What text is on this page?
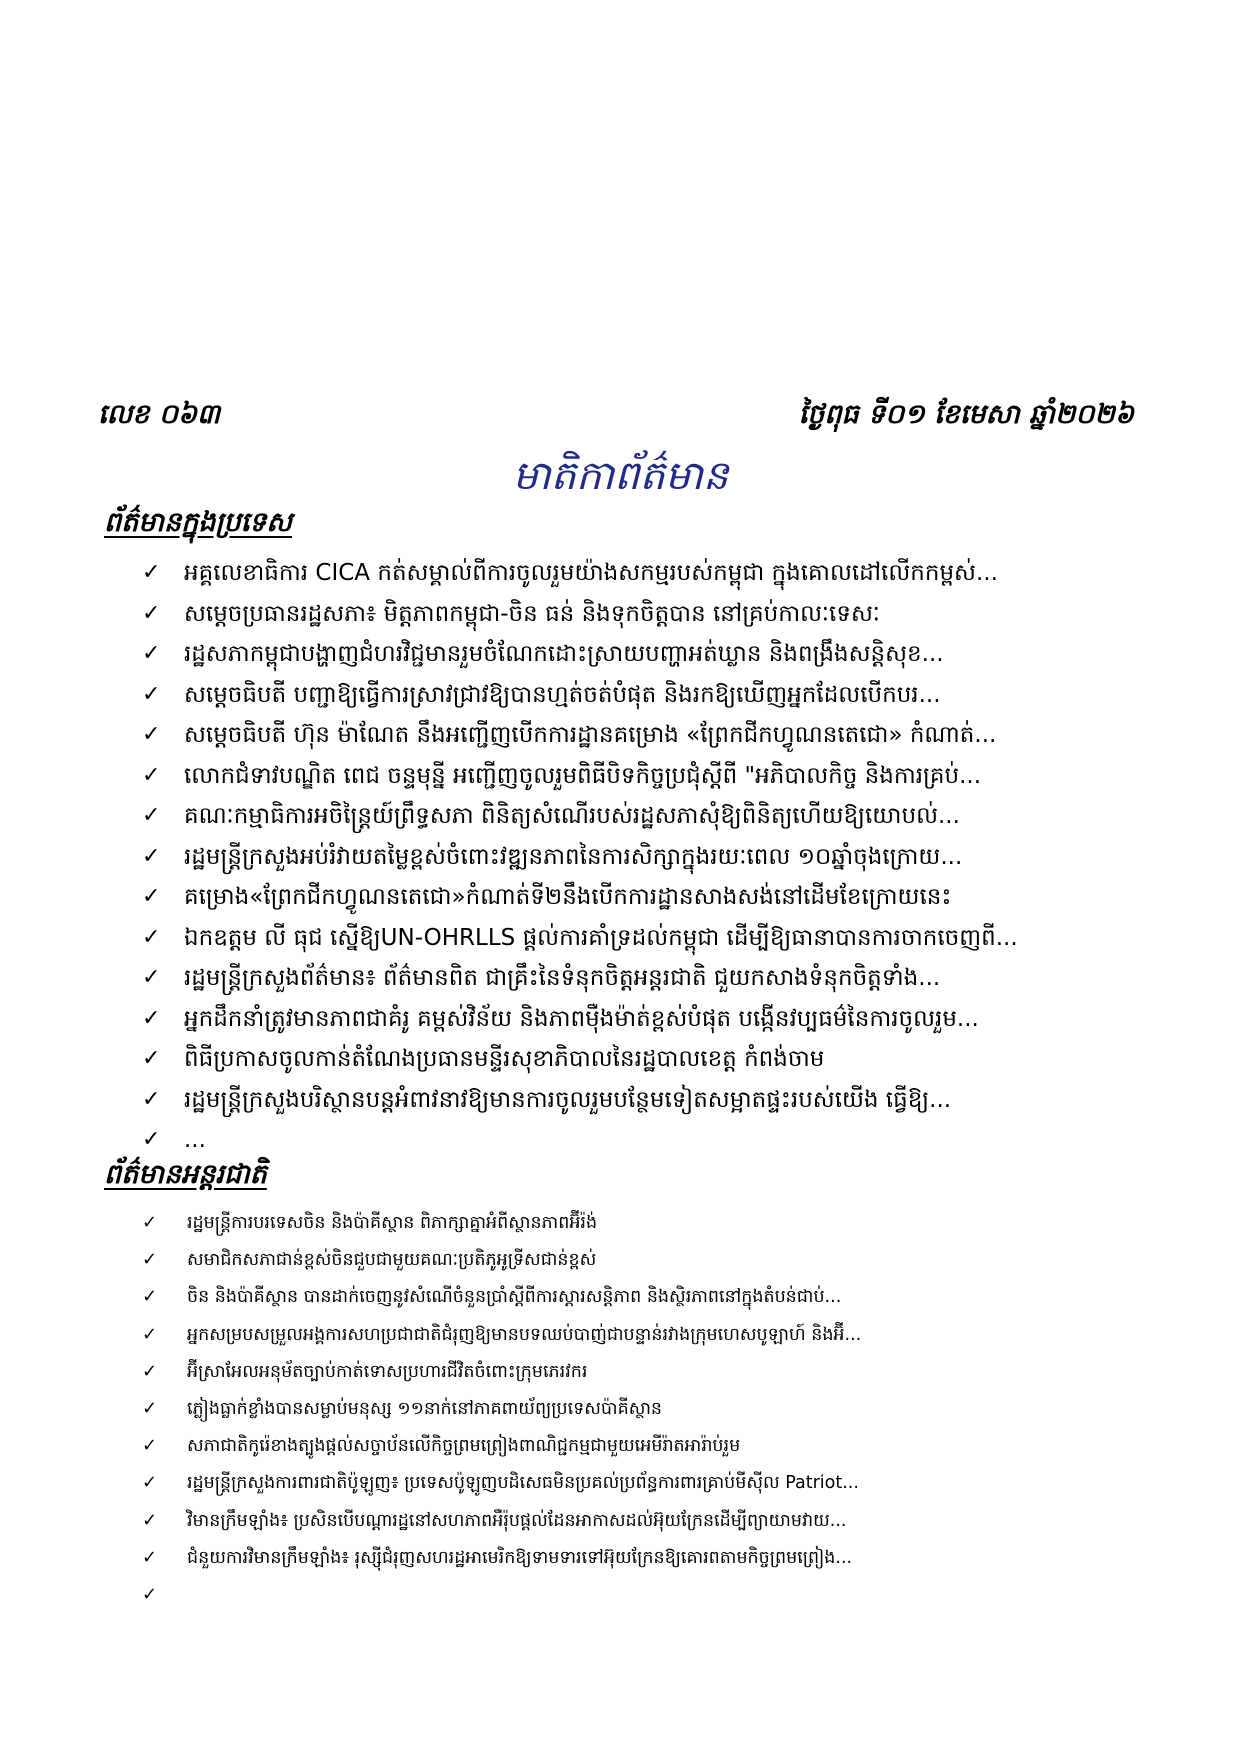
លេខ ០៦៣	ថ្ងៃពុធ ទី០១ ខែមេសា ឆ្នាំ២០២៦
មាតិកាព័ត៌មាន
ព័ត៌មានក្នុងប្រទេស
✓ អគ្គលេខាធិការ CICA កត់សម្គាល់ពីការចូលរួមយ៉ាងសកម្មរបស់កម្ពុជា ក្នុងគោលដៅលើកកម្ពស់...
✓ សម្ដេចប្រធានរដ្ឋសភា៖ មិត្តភាពកម្ពុជា-ចិន ធន់ និងទុកចិត្តបាន នៅគ្រប់កាលៈទេសៈ
✓ រដ្ឋសភាកម្ពុជាបង្ហាញជំហរវិជ្ជមានរួមចំណែកដោះស្រាយបញ្ហាអត់ឃ្លាន និងពង្រឹងសន្តិសុខ...
✓ សម្ដេចធិបតី បញ្ជាឱ្យធ្វើការស្រាវជ្រាវឱ្យបានហ្មត់ចត់បំផុត និងរកឱ្យឃើញអ្នកដែលបើកបរ...
✓ សម្ដេចធិបតី ហ៊ុន ម៉ាណែត នឹងអញ្ជើញបើកការដ្ឋានគម្រោង «ព្រែកជីកហ្វូណនតេជោ» កំណាត់...
✓ លោកជំទាវបណ្ឌិត ពេជ ចន្ទមុន្នី អញ្ជើញចូលរួមពិធីបិទកិច្ចប្រជុំស្តីពី "អភិបាលកិច្ច និងការគ្រប់...
✓ គណៈកម្មាធិការអចិន្ត្រៃយ៍ព្រឹទ្ធសភា ពិនិត្យសំណើរបស់រដ្ឋសភាសុំឱ្យពិនិត្យហើយឱ្យយោបល់...
✓ រដ្ឋមន្ត្រីក្រសួងអប់រំវាយតម្លៃខ្ពស់ចំពោះវឌ្ឍនភាពនៃការសិក្សាក្នុងរយៈពេល ១០ឆ្នាំចុងក្រោយ...
✓ គម្រោង«ព្រែកជីកហ្វូណនតេជោ»កំណាត់ទី២នឹងបើកការដ្ឋានសាងសង់នៅដើមខែក្រោយនេះ
✓ ឯកឧត្តម លី ធុជ ស្នើឱ្យUN-OHRLLS ផ្តល់ការគាំទ្រដល់កម្ពុជា ដើម្បីឱ្យធានាបានការចាកចេញពី...
✓ រដ្ឋមន្ត្រីក្រសួងព័ត៌មាន៖ ព័ត៌មានពិត ជាគ្រឹះនៃទំនុកចិត្តអន្តរជាតិ ជួយកសាងទំនុកចិត្តទាំង...
✓ អ្នកដឹកនាំត្រូវមានភាពជាគំរូ គម្ពស់វិន័យ និងភាពម៉ឺងម៉ាត់ខ្ពស់បំផុត បង្កើនវប្បធម៌នៃការចូលរួម...
✓ ពិធីប្រកាសចូលកាន់តំណែងប្រធានមន្ទីរសុខាភិបាលនៃរដ្ឋបាលខេត្ត កំពង់ចាម
✓ រដ្ឋមន្ត្រីក្រសួងបរិស្ថានបន្តអំពាវនាវឱ្យមានការចូលរួមបន្ថែមទៀតសម្អាតផ្ទះរបស់យើង ធ្វើឱ្យ...
✓ ...
ព័ត៌មានអន្តរជាតិ
✓ រដ្ឋមន្ត្រីការបរទេសចិន និងប៉ាគីស្ថាន ពិភាក្សាគ្នាអំពីស្ថានភាពអ៊ីរ៉ង់
✓ សមាជិកសភាជាន់ខ្ពស់ចិនជួបជាមួយគណៈប្រតិភូអូទ្រីសជាន់ខ្ពស់
✓ ចិន និងប៉ាគីស្ថាន បានដាក់ចេញនូវសំណើចំនួនប្រាំស្តីពីការស្តារសន្តិភាព និងស្ថិរភាពនៅក្នុងតំបន់ជាប់...
✓ អ្នកសម្របសម្រួលអង្គការសហប្រជាជាតិជំរុញឱ្យមានបទឈប់បាញ់ជាបន្ទាន់រវាងក្រុមហេសបូឡាហ៍ និងអ៊ី...
✓ អ៊ីស្រាអែលអនុម័តច្បាប់កាត់ទោសប្រហារជីវិតចំពោះក្រុមភេរវករ
✓ ភ្លៀងធ្លាក់ខ្លាំងបានសម្លាប់មនុស្ស ១១នាក់នៅភាគពាយ័ព្យប្រទេសប៉ាគីស្ថាន
✓ សភាជាតិកូរ៉េខាងត្បូងផ្តល់សច្ចាប័នលើកិច្ចព្រមព្រៀងពាណិជ្ជកម្មជាមួយអេមីរ៉ាតអារ៉ាប់រួម
✓ រដ្ឋមន្ត្រីក្រសួងការពារជាតិប៉ូឡូញ៖ ប្រទេសប៉ូឡូញបដិសេធមិនប្រគល់ប្រព័ន្ធការពារគ្រាប់មីស៊ីល Patriot...
✓ វិមានក្រឹមឡាំង៖ ប្រសិនបើបណ្តារដ្ឋនៅសហភាពអឺរ៉ុបផ្តល់ដែនអាកាសដល់អ៊ុយក្រែនដើម្បីព្យាយាមវាយ...
✓ ជំនួយការវិមានក្រឹមឡាំង៖ រុស្ស៊ីជំរុញសហរដ្ឋអាមេរិកឱ្យទាមទារទៅអ៊ុយក្រែនឱ្យគោរពតាមកិច្ចព្រមព្រៀង...
✓
